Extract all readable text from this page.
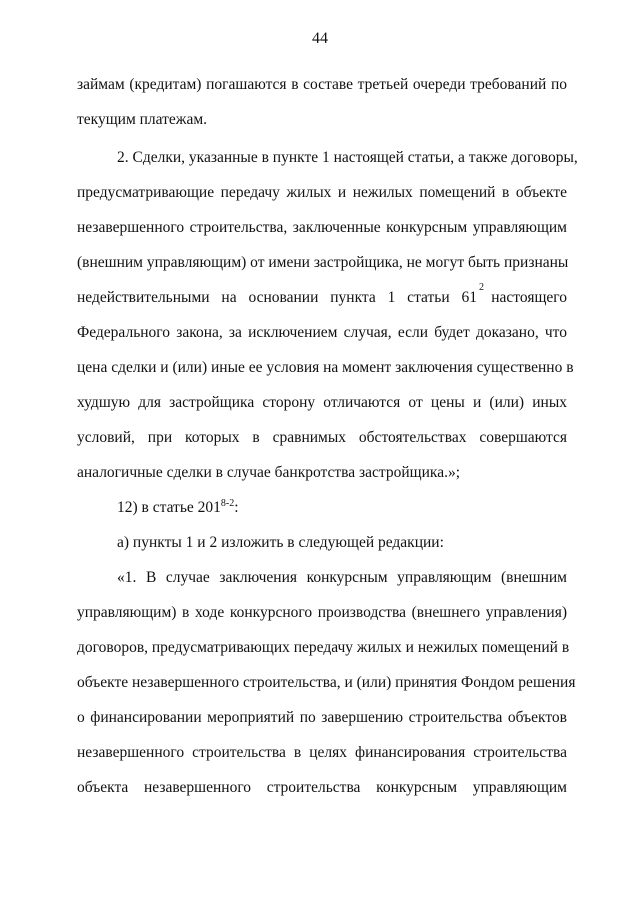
44
займам (кредитам) погашаются в составе третьей очереди требований по
текущим платежам.
2. Сделки, указанные в пункте 1 настоящей статьи, а также договоры,
предусматривающие передачу жилых и нежилых помещений в объекте
незавершенного строительства, заключенные конкурсным управляющим
(внешним управляющим) от имени застройщика, не могут быть признаны
недействительными на основании пункта 1 статьи 61
2
настоящего
Федерального закона, за исключением случая, если будет доказано, что
цена сделки и (или) иные ее условия на момент заключения существенно в
худшую для застройщика сторону отличаются от цены и (или) иных
условий, при которых в сравнимых обстоятельствах совершаются
аналогичные сделки в случае банкротства застройщика.»;
12) в статье 201$^{8-2}$:
а) пункты 1 и 2 изложить в следующей редакции:
«1. В случае заключения конкурсным управляющим (внешним
управляющим) в ходе конкурсного производства (внешнего управления)
договоров, предусматривающих передачу жилых и нежилых помещений в
объекте незавершенного строительства, и (или) принятия Фондом решения
о финансировании мероприятий по завершению строительства объектов
незавершенного строительства в целях финансирования строительства
объекта незавершенного строительства конкурсным управляющим
